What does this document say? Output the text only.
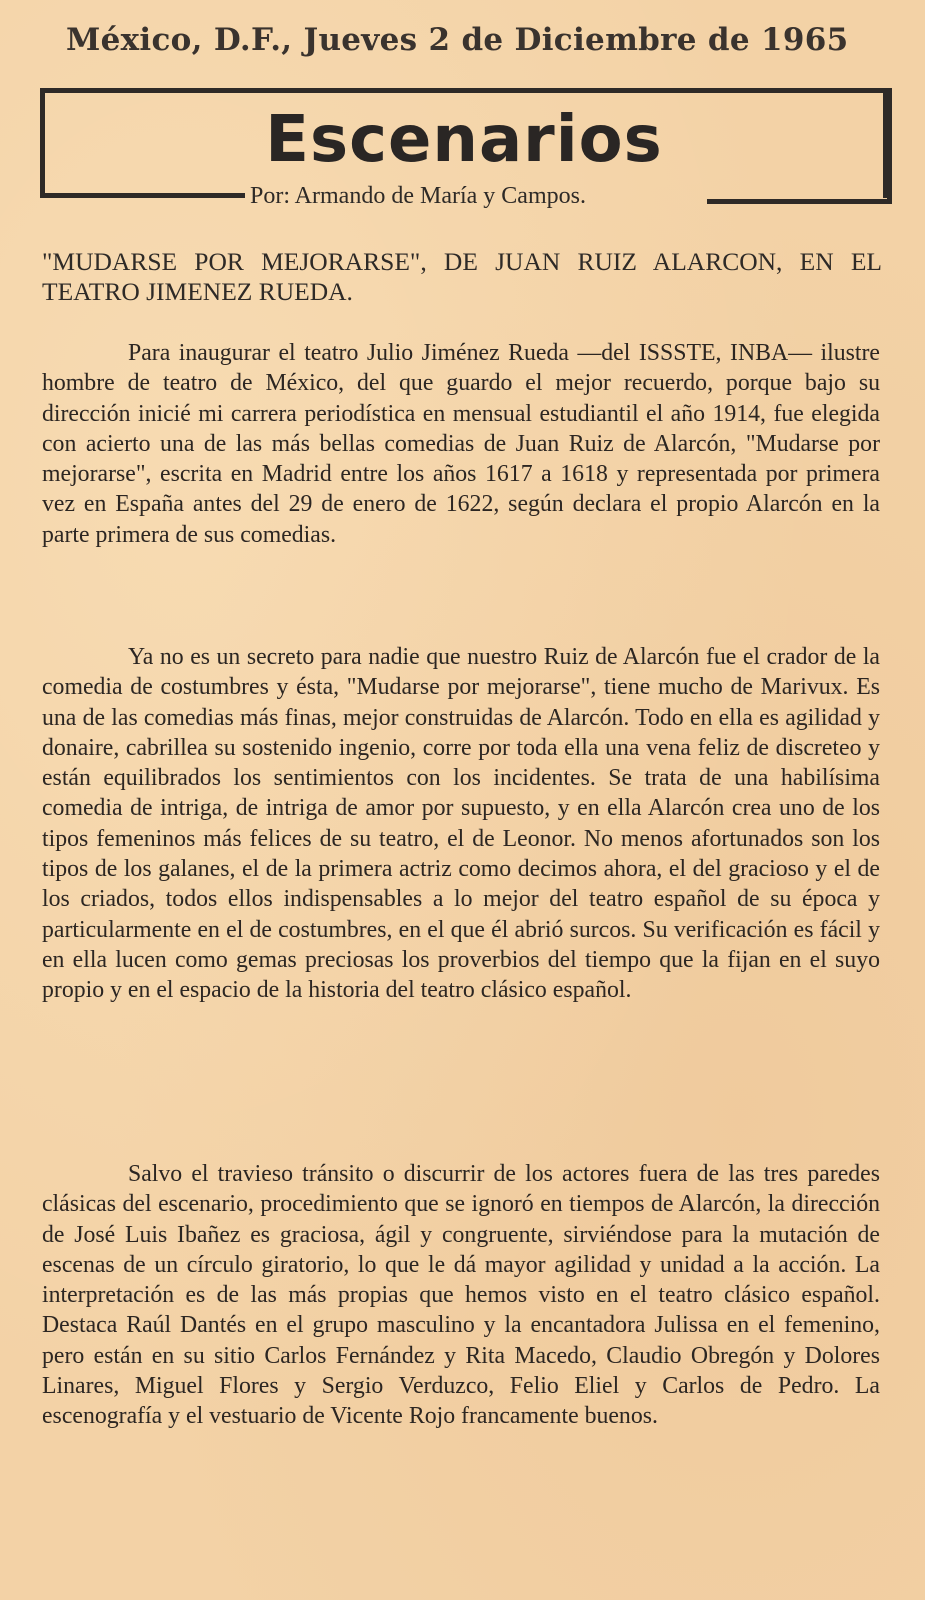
México, D.F., Jueves 2 de Diciembre de 1965
Escenarios
Por: Armando de María y Campos.
"MUDARSE POR MEJORARSE", DE JUAN RUIZ ALARCON, EN EL TEATRO JIMENEZ RUEDA.

Para inaugurar el teatro Julio Jiménez Rueda —del ISSSTE, INBA— ilustre hombre de teatro de México, del que guardo el mejor recuerdo, porque bajo su dirección inicié mi carrera periodística en mensual estudiantil el año 1914, fue elegida con acierto una de las más bellas comedias de Juan Ruiz de Alarcón, "Mudarse por mejorarse", escrita en Madrid entre los años 1617 a 1618 y representada por primera vez en España antes del 29 de enero de 1622, según declara el propio Alarcón en la parte primera de sus comedias.

Ya no es un secreto para nadie que nuestro Ruiz de Alarcón fue el crador de la comedia de costumbres y ésta, "Mudarse por mejorarse", tiene mucho de Marivux. Es una de las comedias más finas, mejor construidas de Alarcón. Todo en ella es agilidad y donaire, cabrillea su sostenido ingenio, corre por toda ella una vena feliz de discreteo y están equilibrados los sentimientos con los incidentes. Se trata de una habilísima comedia de intriga, de intriga de amor por supuesto, y en ella Alarcón crea uno de los tipos femeninos más felices de su teatro, el de Leonor. No menos afortunados son los tipos de los galanes, el de la primera actriz como decimos ahora, el del gracioso y el de los criados, todos ellos indispensables a lo mejor del teatro español de su época y particularmente en el de costumbres, en el que él abrió surcos. Su verificación es fácil y en ella lucen como gemas preciosas los proverbios del tiempo que la fijan en el suyo propio y en el espacio de la historia del teatro clásico español.

Salvo el travieso tránsito o discurrir de los actores fuera de las tres paredes clásicas del escenario, procedimiento que se ignoró en tiempos de Alarcón, la dirección de José Luis Ibañez es graciosa, ágil y congruente, sirviéndose para la mutación de escenas de un círculo giratorio, lo que le dá mayor agilidad y unidad a la acción. La interpretación es de las más propias que hemos visto en el teatro clásico español. Destaca Raúl Dantés en el grupo masculino y la encantadora Julissa en el femenino, pero están en su sitio Carlos Fernández y Rita Macedo, Claudio Obregón y Dolores Linares, Miguel Flores y Sergio Verduzco, Felio Eliel y Carlos de Pedro. La escenografía y el vestuario de Vicente Rojo francamente buenos.
